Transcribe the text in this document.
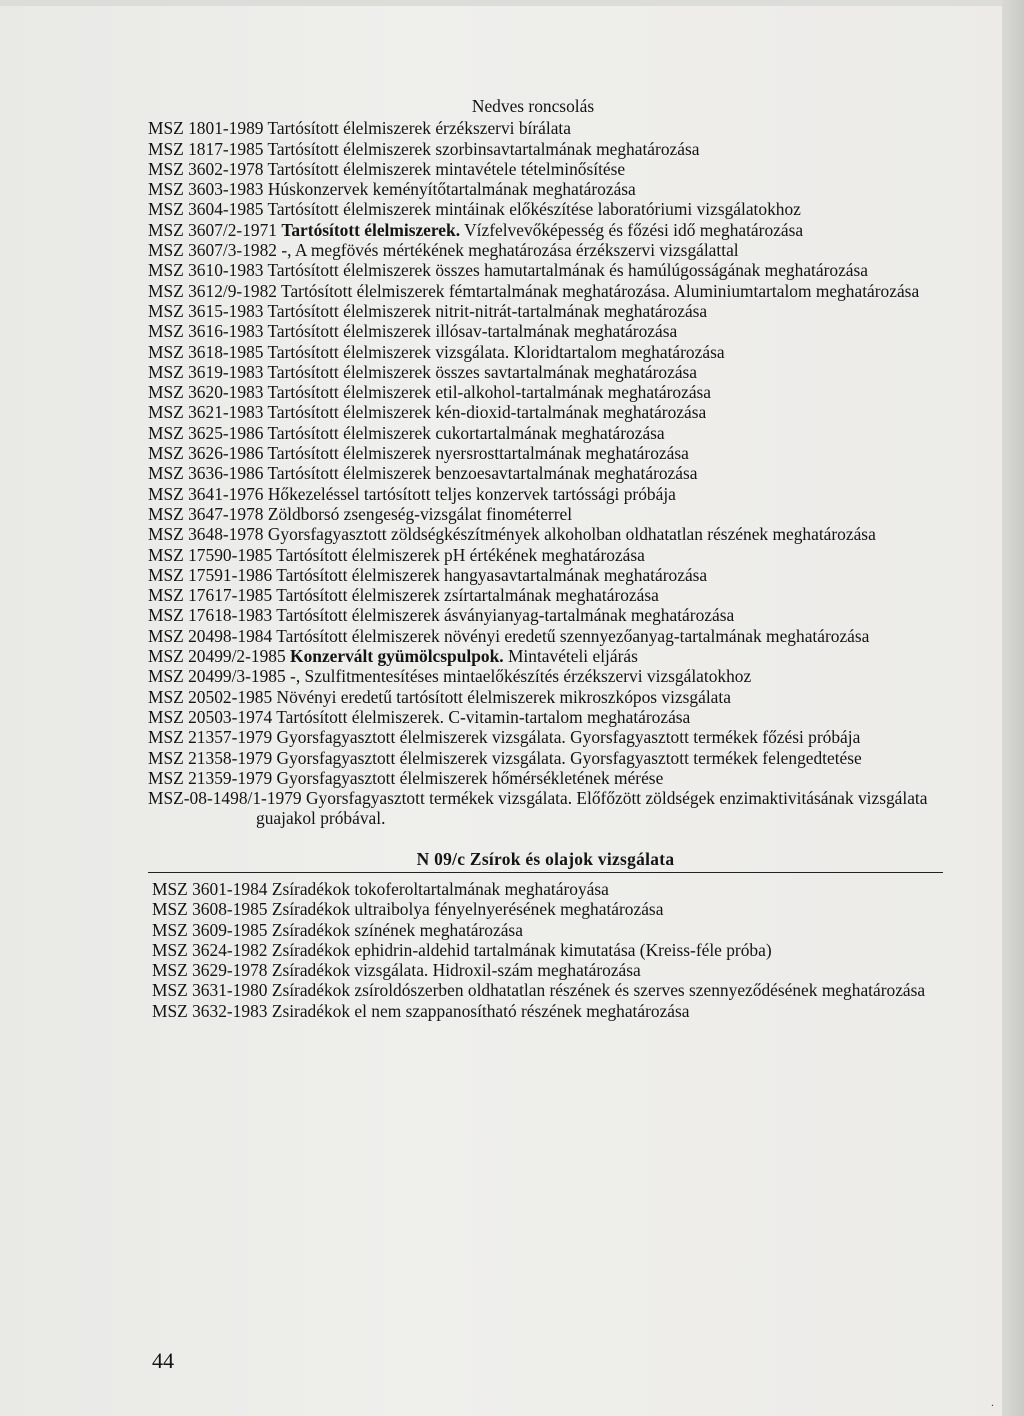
Nedves roncsolás
MSZ 1801-1989 Tartósított élelmiszerek érzékszervi bírálata
MSZ 1817-1985 Tartósított élelmiszerek szorbinsavtartalmának meghatározása
MSZ 3602-1978 Tartósított élelmiszerek mintavétele tételminősítése
MSZ 3603-1983 Húskonzervek keményítőtartalmának meghatározása
MSZ 3604-1985 Tartósított élelmiszerek mintáinak előkészítése laboratóriumi vizsgálatokhoz
MSZ 3607/2-1971 Tartósított élelmiszerek. Vízfelvevőképesség és főzési idő meghatározása
MSZ 3607/3-1982 -, A megfövés mértékének meghatározása érzékszervi vizsgálattal
MSZ 3610-1983 Tartósított élelmiszerek összes hamutartalmának és hamúlúgosságának meghatározása
MSZ 3612/9-1982 Tartósított élelmiszerek fémtartalmának meghatározása. Aluminiumtartalom meghatározása
MSZ 3615-1983 Tartósított élelmiszerek nitrit-nitrát-tartalmának meghatározása
MSZ 3616-1983 Tartósított élelmiszerek illósav-tartalmának meghatározása
MSZ 3618-1985 Tartósított élelmiszerek vizsgálata. Kloridtartalom meghatározása
MSZ 3619-1983 Tartósított élelmiszerek összes savtartalmának meghatározása
MSZ 3620-1983 Tartósított élelmiszerek etil-alkohol-tartalmának meghatározása
MSZ 3621-1983 Tartósított élelmiszerek kén-dioxid-tartalmának meghatározása
MSZ 3625-1986 Tartósított élelmiszerek cukortartalmának meghatározása
MSZ 3626-1986 Tartósított élelmiszerek nyersrosttartalmának meghatározása
MSZ 3636-1986 Tartósított élelmiszerek benzoesavtartalmának meghatározása
MSZ 3641-1976 Hőkezeléssel tartósított teljes konzervek tartóssági próbája
MSZ 3647-1978 Zöldborsó zsengeség-vizsgálat finométerrel
MSZ 3648-1978 Gyorsfagyasztott zöldségkészítmények alkoholban oldhatatlan részének meghatározása
MSZ 17590-1985 Tartósított élelmiszerek pH értékének meghatározása
MSZ 17591-1986 Tartósított élelmiszerek hangyasavtartalmának meghatározása
MSZ 17617-1985 Tartósított élelmiszerek zsírtartalmának meghatározása
MSZ 17618-1983 Tartósított élelmiszerek ásványianyag-tartalmának meghatározása
MSZ 20498-1984 Tartósított élelmiszerek növényi eredetű szennyezőanyag-tartalmának meghatározása
MSZ 20499/2-1985 Konzervált gyümölcspulpok. Mintavételi eljárás
MSZ 20499/3-1985 -, Szulfitmentesítéses mintaelőkészítés érzékszervi vizsgálatokhoz
MSZ 20502-1985 Növényi eredetű tartósított élelmiszerek mikroszkópos vizsgálata
MSZ 20503-1974 Tartósított élelmiszerek. C-vitamin-tartalom meghatározása
MSZ 21357-1979 Gyorsfagyasztott élelmiszerek vizsgálata. Gyorsfagyasztott termékek főzési próbája
MSZ 21358-1979 Gyorsfagyasztott élelmiszerek vizsgálata. Gyorsfagyasztott termékek felengedtetése
MSZ 21359-1979 Gyorsfagyasztott élelmiszerek hőmérsékletének mérése
MSZ-08-1498/1-1979 Gyorsfagyasztott termékek vizsgálata. Előfőzött zöldségek enzimaktivitásának vizsgálata guajakol próbával.
N 09/c Zsírok és olajok vizsgálata
MSZ 3601-1984 Zsíradékok tokoferoltartalmának meghatároyása
MSZ 3608-1985 Zsíradékok ultraibolya fényelnyerésének meghatározása
MSZ 3609-1985 Zsíradékok színének meghatározása
MSZ 3624-1982 Zsíradékok ephidrin-aldehid tartalmának kimutatása (Kreiss-féle próba)
MSZ 3629-1978 Zsíradékok vizsgálata. Hidroxil-szám meghatározása
MSZ 3631-1980 Zsíradékok zsíroldószerben oldhatatlan részének és szerves szennyeződésének meghatározása
MSZ 3632-1983 Zsiradékok el nem szappanosítható részének meghatározása
44
.
